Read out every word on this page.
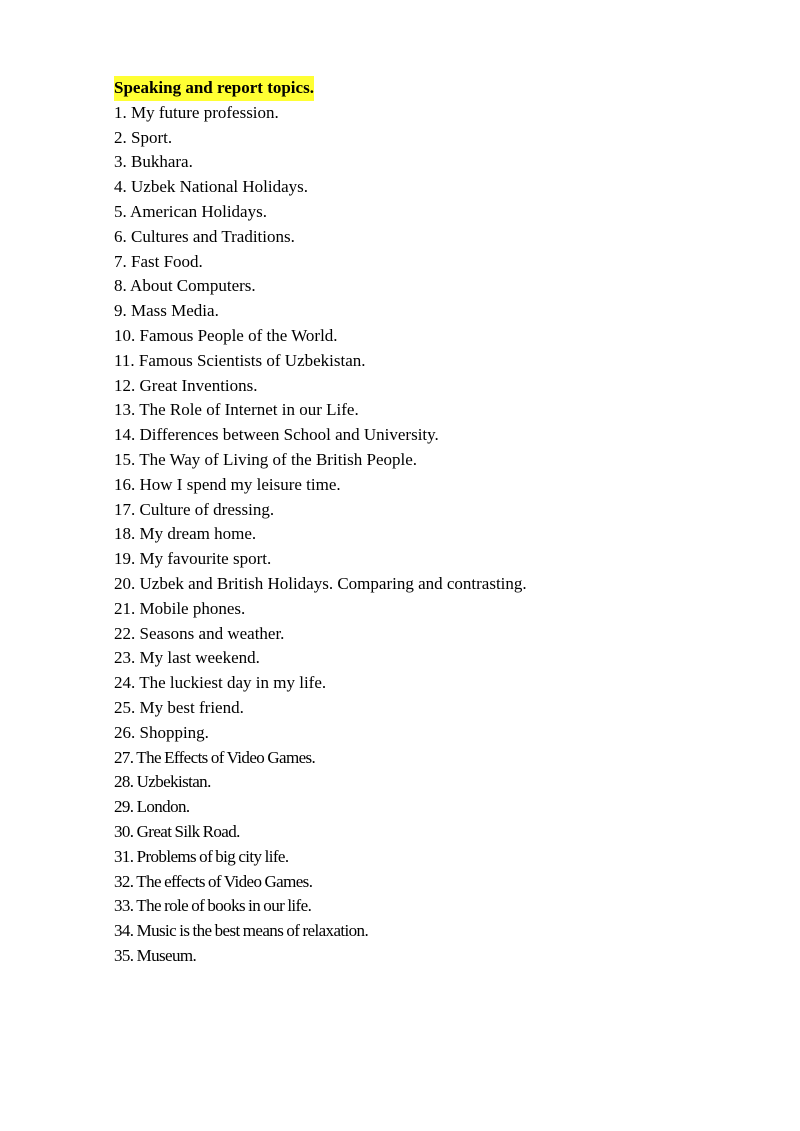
Speaking and report topics.
1. My future profession.
2. Sport.
3. Bukhara.
4. Uzbek National Holidays.
5. American Holidays.
6. Cultures and Traditions.
7. Fast Food.
8. About Computers.
9. Mass Media.
10. Famous People of the World.
11. Famous Scientists of Uzbekistan.
12. Great Inventions.
13. The Role of Internet in our Life.
14. Differences between School and University.
15. The Way of Living of the British People.
16. How I spend my leisure time.
17. Culture of dressing.
18. My dream home.
19. My favourite sport.
20. Uzbek and British Holidays. Comparing and contrasting.
21. Mobile phones.
22. Seasons and weather.
23. My last weekend.
24. The luckiest day in my life.
25. My best friend.
26. Shopping.
27. The Effects of Video Games.
28. Uzbekistan.
29. London.
30. Great Silk Road.
31. Problems of big city life.
32. The effects of Video Games.
33. The role of books in our life.
34. Music is the best means of relaxation.
35. Museum.
